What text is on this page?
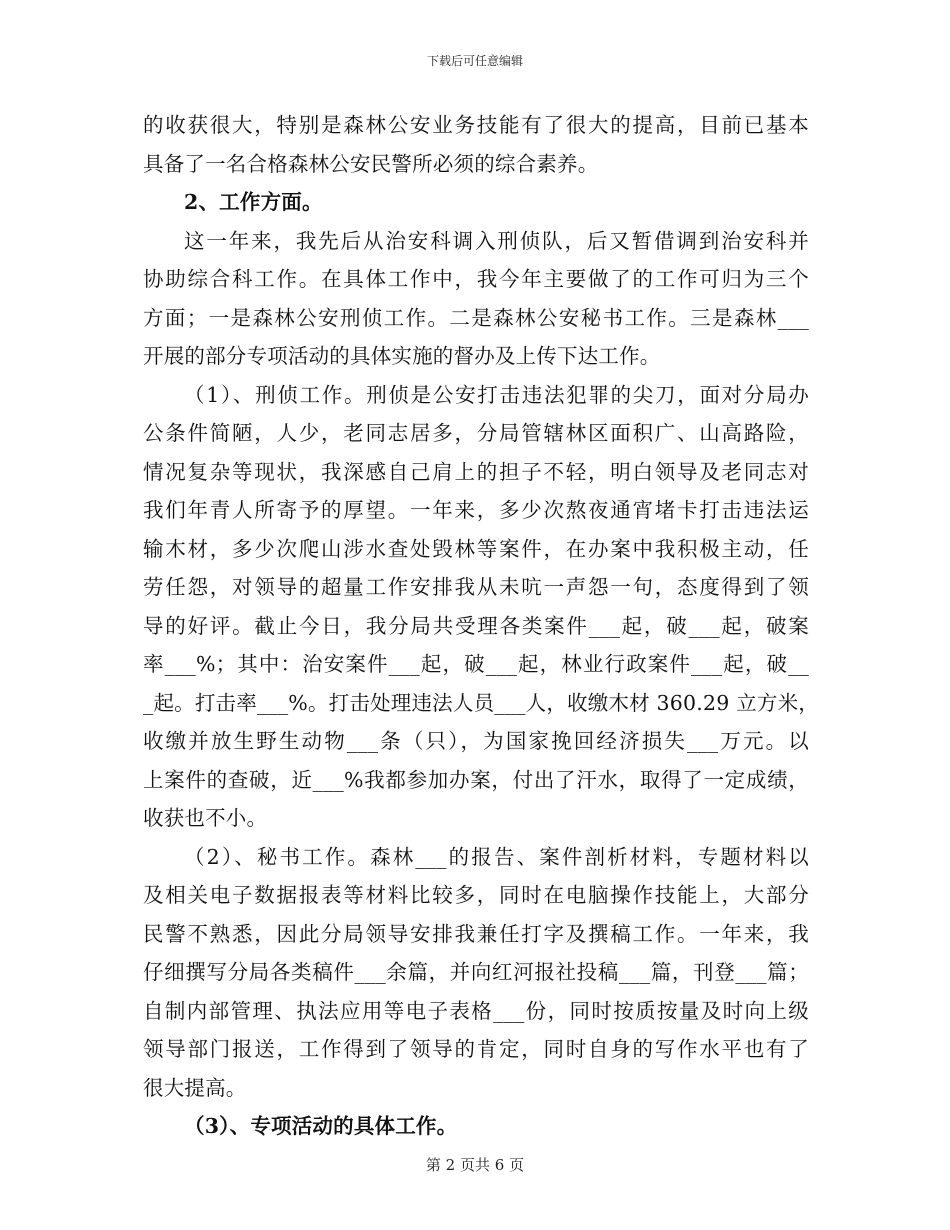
下载后可任意编辑
的收获很大，特别是森林公安业务技能有了很大的提高，目前已基本
具备了一名合格森林公安民警所必须的综合素养。
2、工作方面。
这一年来，我先后从治安科调入刑侦队，后又暂借调到治安科并
协助综合科工作。在具体工作中，我今年主要做了的工作可归为三个
方面；一是森林公安刑侦工作。二是森林公安秘书工作。三是森林___
开展的部分专项活动的具体实施的督办及上传下达工作。
（1）、刑侦工作。刑侦是公安打击违法犯罪的尖刀，面对分局办
公条件简陋，人少，老同志居多，分局管辖林区面积广、山高路险，
情况复杂等现状，我深感自己肩上的担子不轻，明白领导及老同志对
我们年青人所寄予的厚望。一年来，多少次熬夜通宵堵卡打击违法运
输木材，多少次爬山涉水查处毁林等案件，在办案中我积极主动，任
劳任怨，对领导的超量工作安排我从未吭一声怨一句，态度得到了领
导的好评。截止今日，我分局共受理各类案件___起，破___起，破案
率___%；其中：治安案件___起，破___起，林业行政案件___起，破__
_起。打击率___%。打击处理违法人员___人，收缴木材 360.29 立方米，
收缴并放生野生动物___条（只），为国家挽回经济损失___万元。以
上案件的查破，近___%我都参加办案，付出了汗水，取得了一定成绩，
收获也不小。
（2）、秘书工作。森林___的报告、案件剖析材料，专题材料以
及相关电子数据报表等材料比较多，同时在电脑操作技能上，大部分
民警不熟悉，因此分局领导安排我兼任打字及撰稿工作。一年来，我
仔细撰写分局各类稿件___余篇，并向红河报社投稿___篇，刊登___篇；
自制内部管理、执法应用等电子表格___份，同时按质按量及时向上级
领导部门报送，工作得到了领导的肯定，同时自身的写作水平也有了
很大提高。
（3）、专项活动的具体工作。
第 2 页共 6 页
